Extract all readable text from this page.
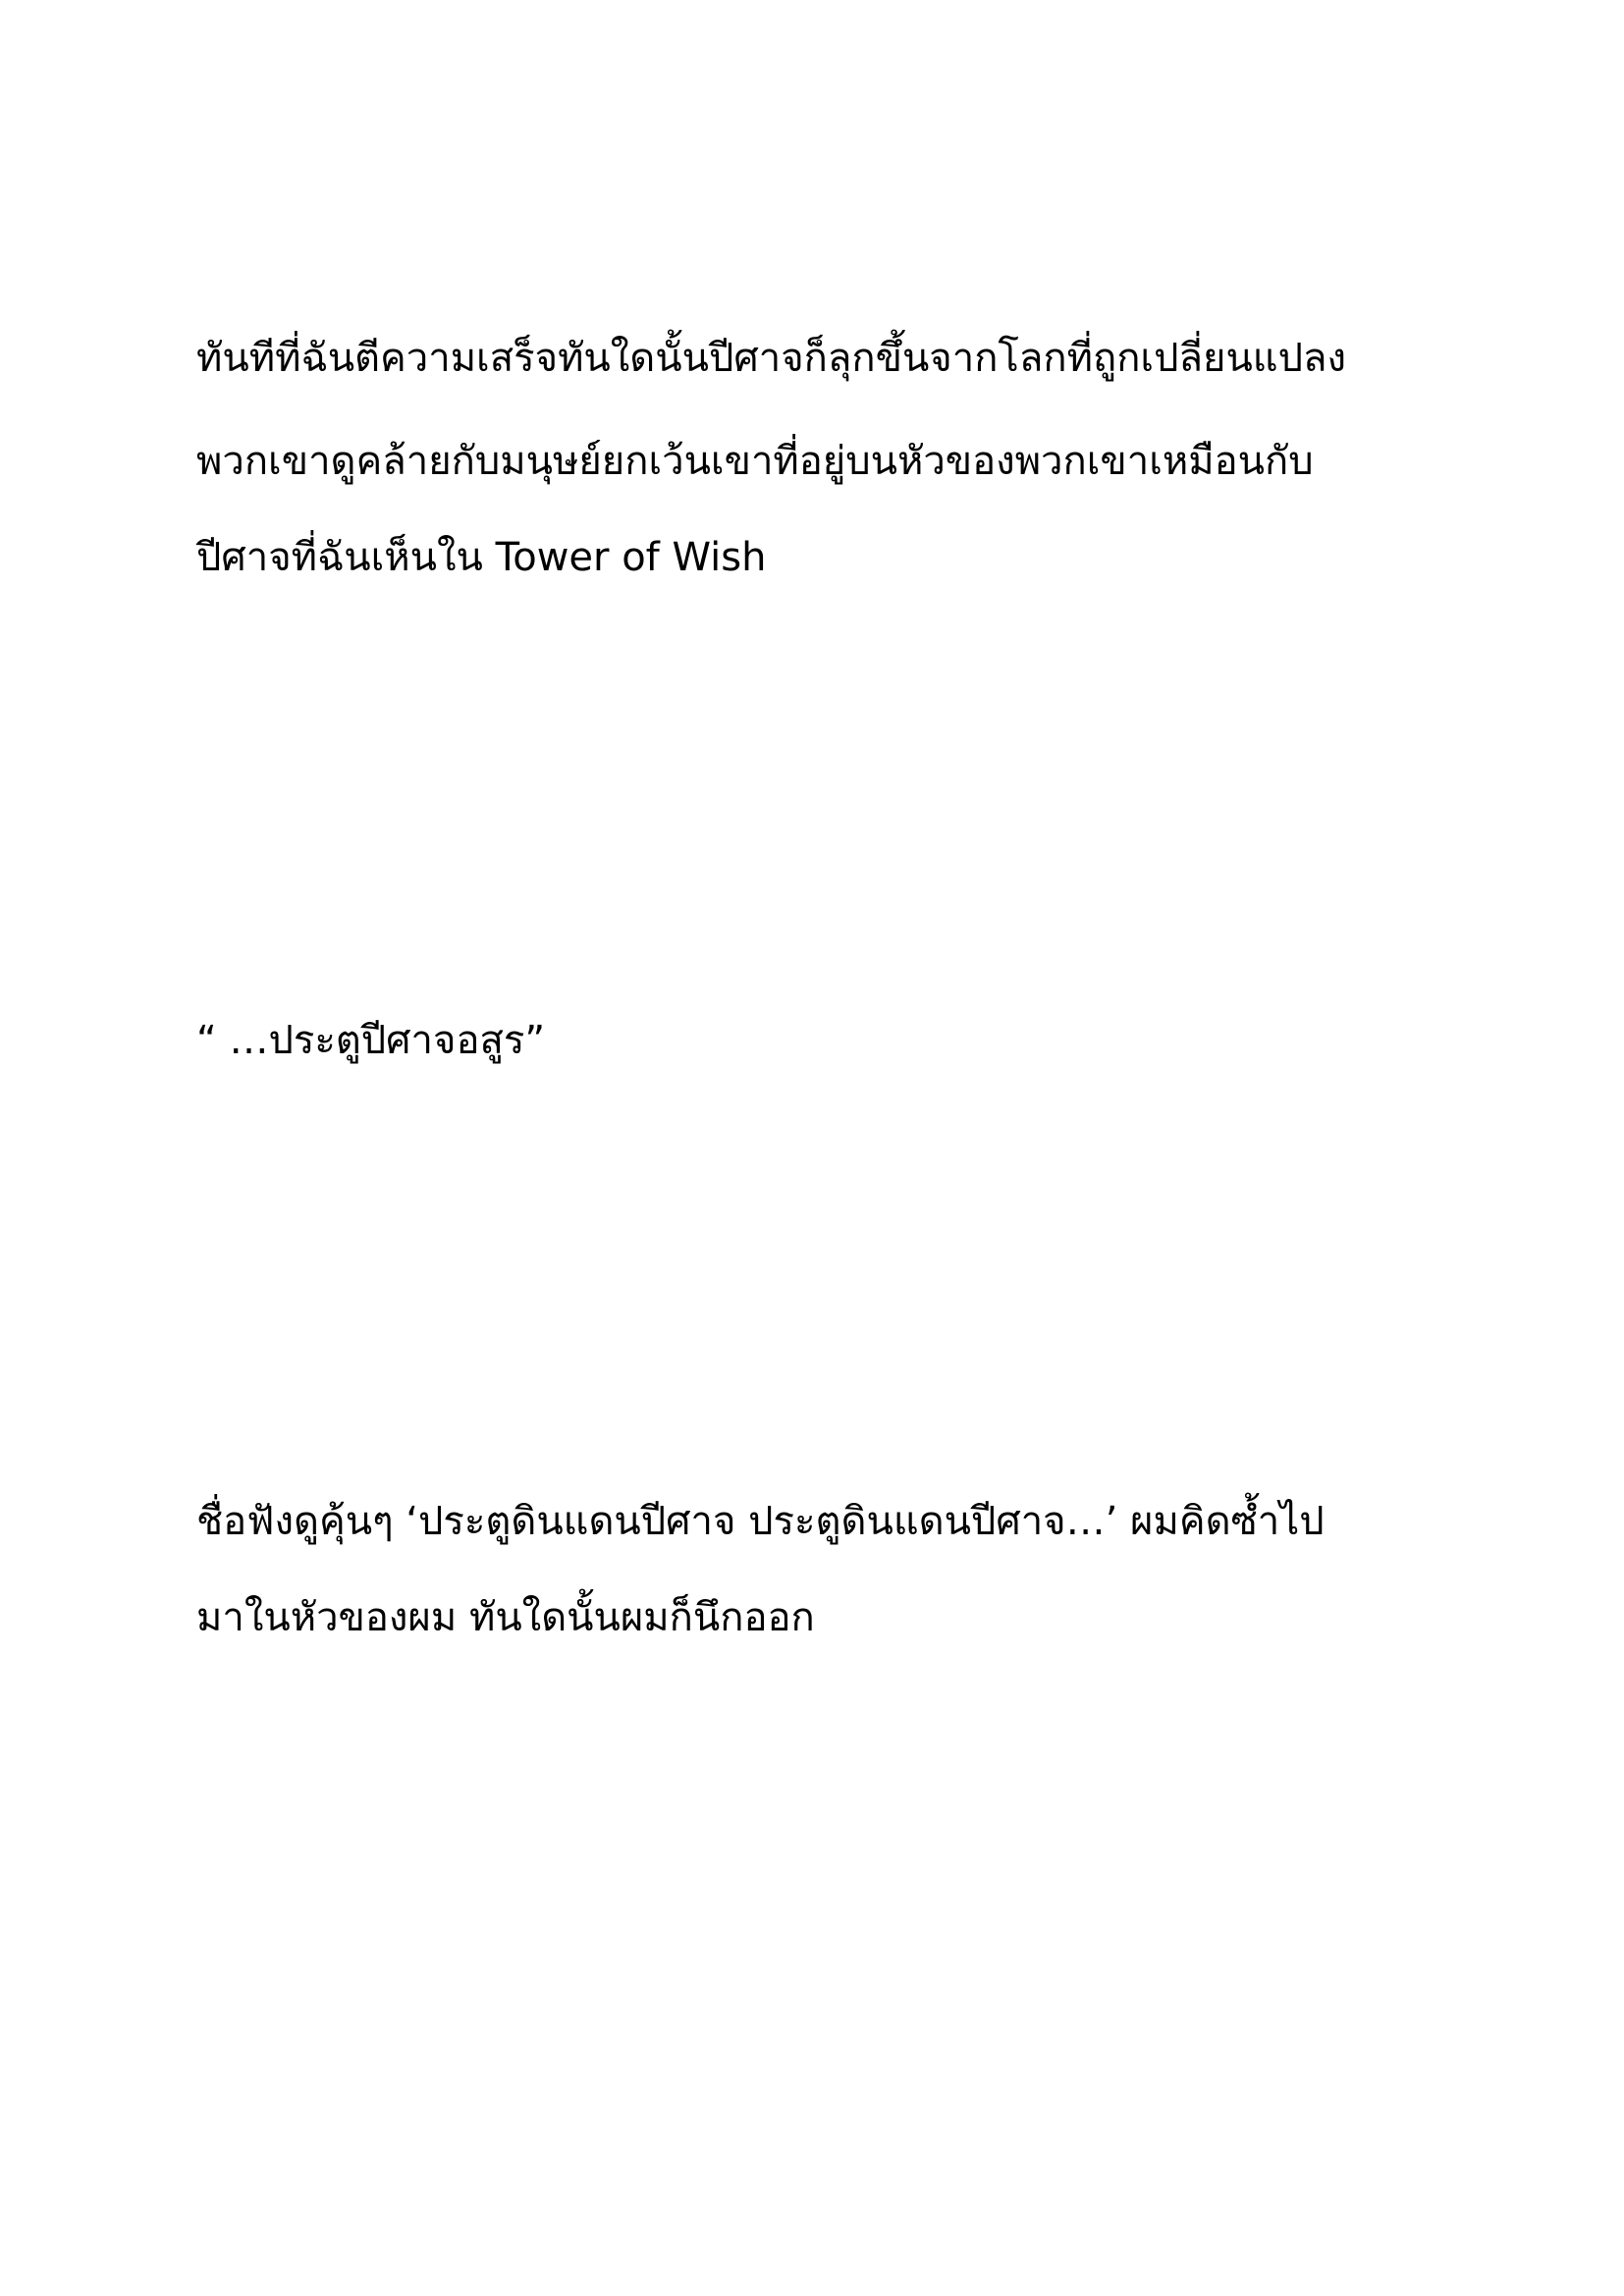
ทันทีที่ฉันตีความเสร็จทันใดนั้นปีศาจก็ลุกขึ้นจากโลกที่ถูกเปลี่ยนแปลง
พวกเขาดูคล้ายกับมนุษย์ยกเว้นเขาที่อยู่บนหัวของพวกเขาเหมือนกับ
ปีศาจที่ฉันเห็นใน Tower of Wish
“ …ประตูปีศาจอสูร”
ชื่อฟังดูคุ้นๆ ‘ประตูดินแดนปีศาจ ประตูดินแดนปีศาจ…’ ผมคิดซ้ำไป
มาในหัวของผม ทันใดนั้นผมก็นึกออก
